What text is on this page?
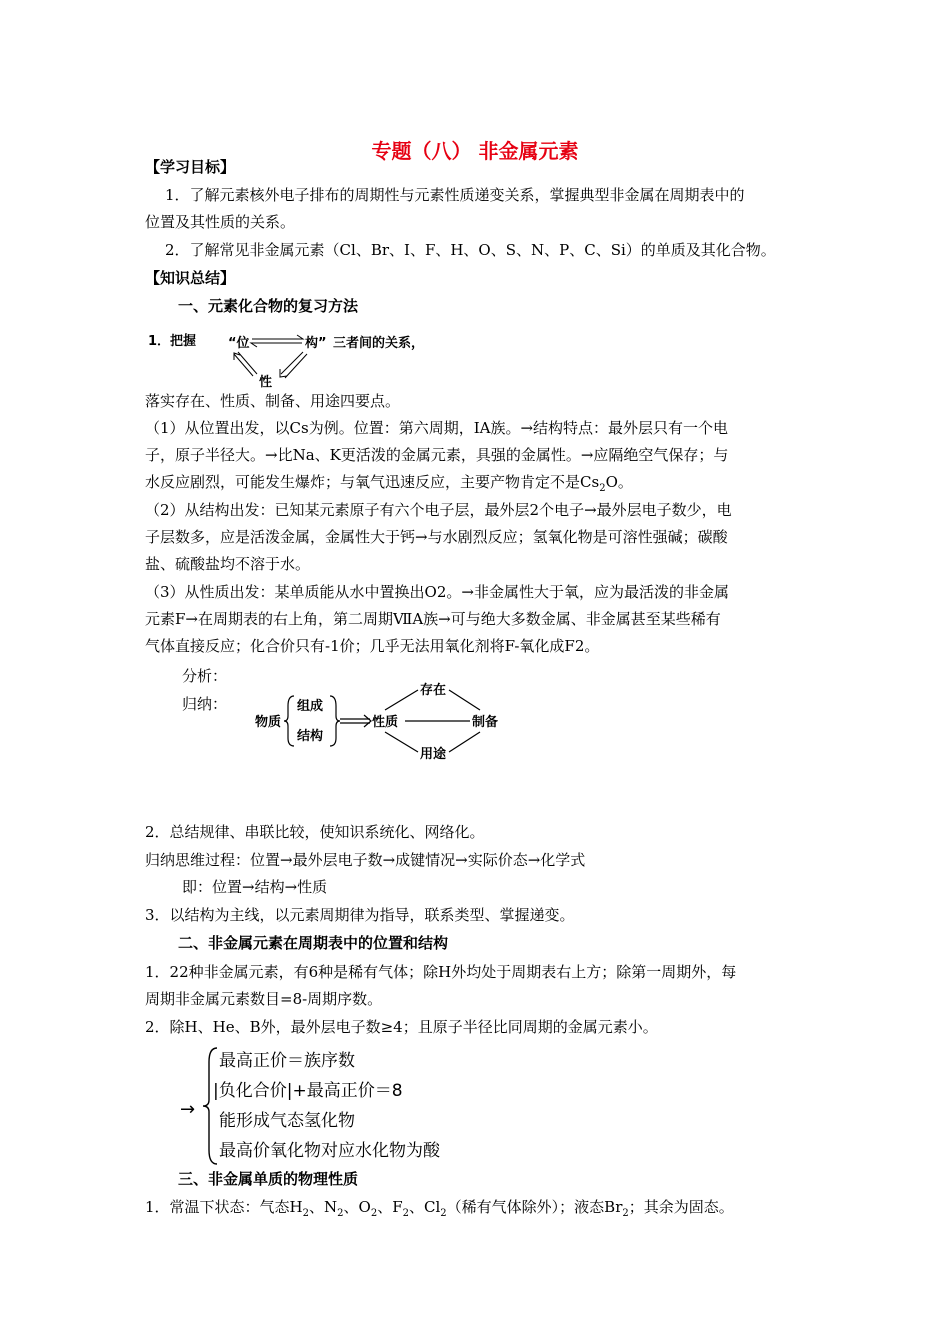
专题（八） 非金属元素
【学习目标】
1．了解元素核外电子排布的周期性与元素性质递变关系，掌握典型非金属在周期表中的
位置及其性质的关系。
2．了解常见非金属元素（Cl、Br、I、F、H、O、S、N、P、C、Si）的单质及其化合物。
【知识总结】
一、元素化合物的复习方法
1．把握 “位	构” 三者间的关系，
性
落实存在、性质、制备、用途四要点。
（1）从位置出发，以Cs为例。位置：第六周期，IA族。→结构特点：最外层只有一个电
子，原子半径大。→比Na、K更活泼的金属元素，具强的金属性。→应隔绝空气保存；与
水反应剧烈，可能发生爆炸；与氧气迅速反应，主要产物肯定不是$Cs_2O$。
（2）从结构出发：已知某元素原子有六个电子层，最外层2个电子→最外层电子数少，电
子层数多，应是活泼金属，金属性大于钙→与水剧烈反应；氢氧化物是可溶性强碱；碳酸
盐、硫酸盐均不溶于水。
（3）从性质出发：某单质能从水中置换出O2。→非金属性大于氧，应为最活泼的非金属
元素F→在周期表的右上角，第二周期ⅦA族→可与绝大多数金属、非金属甚至某些稀有
气体直接反应；化合价只有-1价；几乎无法用氧化剂将F-氧化成F2。
分析：
归纳：
物质
组成
结构
性质
存在
制备
用途
2．总结规律、串联比较，使知识系统化、网络化。
归纳思维过程：位置→最外层电子数→成键情况→实际价态→化学式
即：位置→结构→性质
3．以结构为主线，以元素周期律为指导，联系类型、掌握递变。
二、非金属元素在周期表中的位置和结构
1．22种非金属元素，有6种是稀有气体；除H外均处于周期表右上方；除第一周期外，每
周期非金属元素数目=8-周期序数。
2．除H、He、B外，最外层电子数≥4；且原子半径比同周期的金属元素小。
→
最高正价＝族序数
|负化合价|+最高正价＝8
能形成气态氢化物
最高价氧化物对应水化物为酸
三、非金属单质的物理性质
1．常温下状态：气态$H_2$、$N_2$、$O_2$、$F_2$、$Cl_2$（稀有气体除外）；液态$Br_2$；其余为固态。
